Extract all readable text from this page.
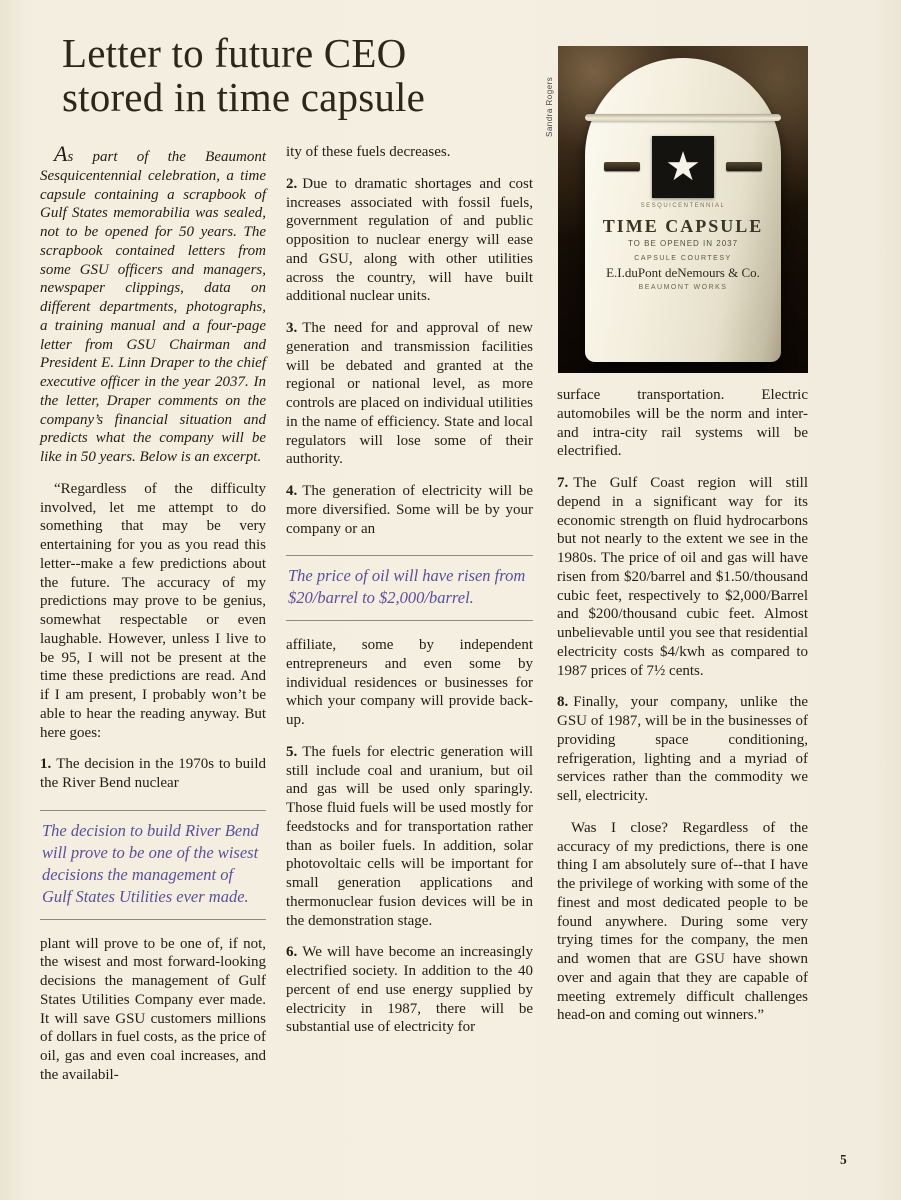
Letter to future CEO
stored in time capsule	Sandra Rogers
★
SESQUICENTENNIAL
TIME CAPSULE
TO BE OPENED IN 2037
CAPSULE COURTESY
E.I.duPont deNemours & Co.
BEAUMONT WORKS

As part of the Beaumont Sesquicentennial celebration, a time capsule containing a scrapbook of Gulf States memorabilia was sealed, not to be opened for 50 years. The scrapbook contained letters from some GSU officers and managers, newspaper clippings, data on different departments, photographs, a training manual and a four-page letter from GSU Chairman and President E. Linn Draper to the chief executive officer in the year 2037. In the letter, Draper comments on the company’s financial situation and predicts what the company will be like in 50 years. Below is an excerpt.

“Regardless of the difficulty involved, let me attempt to do something that may be very entertaining for you as you read this letter--make a few predictions about the future. The accuracy of my predictions may prove to be genius, somewhat respectable or even laughable. However, unless I live to be 95, I will not be present at the time these predictions are read. And if I am present, I probably won’t be able to hear the reading anyway. But here goes:

1. The decision in the 1970s to build the River Bend nuclear

The decision to build River Bend will prove to be one of the wisest decisions the management of Gulf States Utilities ever made.

plant will prove to be one of, if not, the wisest and most forward-looking decisions the management of Gulf States Utilities Company ever made. It will save GSU customers millions of dollars in fuel costs, as the price of oil, gas and even coal increases, and the availabil-

ity of these fuels decreases.

2. Due to dramatic shortages and cost increases associated with fossil fuels, government regulation of and public opposition to nuclear energy will ease and GSU, along with other utilities across the country, will have built additional nuclear units.

3. The need for and approval of new generation and transmission facilities will be debated and granted at the regional or national level, as more controls are placed on individual utilities in the name of efficiency. State and local regulators will lose some of their authority.

4. The generation of electricity will be more diversified. Some will be by your company or an

The price of oil will have risen from $20/barrel to $2,000/barrel.

affiliate, some by independent entrepreneurs and even some by individual residences or businesses for which your company will provide back-up.

5. The fuels for electric generation will still include coal and uranium, but oil and gas will be used only sparingly. Those fluid fuels will be used mostly for feedstocks and for transportation rather than as boiler fuels. In addition, solar photovoltaic cells will be important for small generation applications and thermonuclear fusion devices will be in the demonstration stage.

6. We will have become an increasingly electrified society. In addition to the 40 percent of end use energy supplied by electricity in 1987, there will be substantial use of electricity for

surface transportation. Electric automobiles will be the norm and inter- and intra-city rail systems will be electrified.

7. The Gulf Coast region will still depend in a significant way for its economic strength on fluid hydrocarbons but not nearly to the extent we see in the 1980s. The price of oil and gas will have risen from $20/barrel and $1.50/thousand cubic feet, respectively to $2,000/Barrel and $200/thousand cubic feet. Almost unbelievable until you see that residential electricity costs $4/kwh as compared to 1987 prices of 7½ cents.

8. Finally, your company, unlike the GSU of 1987, will be in the businesses of providing space conditioning, refrigeration, lighting and a myriad of services rather than the commodity we sell, electricity.

Was I close? Regardless of the accuracy of my predictions, there is one thing I am absolutely sure of--that I have the privilege of working with some of the finest and most dedicated people to be found anywhere. During some very trying times for the company, the men and women that are GSU have shown over and again that they are capable of meeting extremely difficult challenges head-on and coming out winners.”

5
